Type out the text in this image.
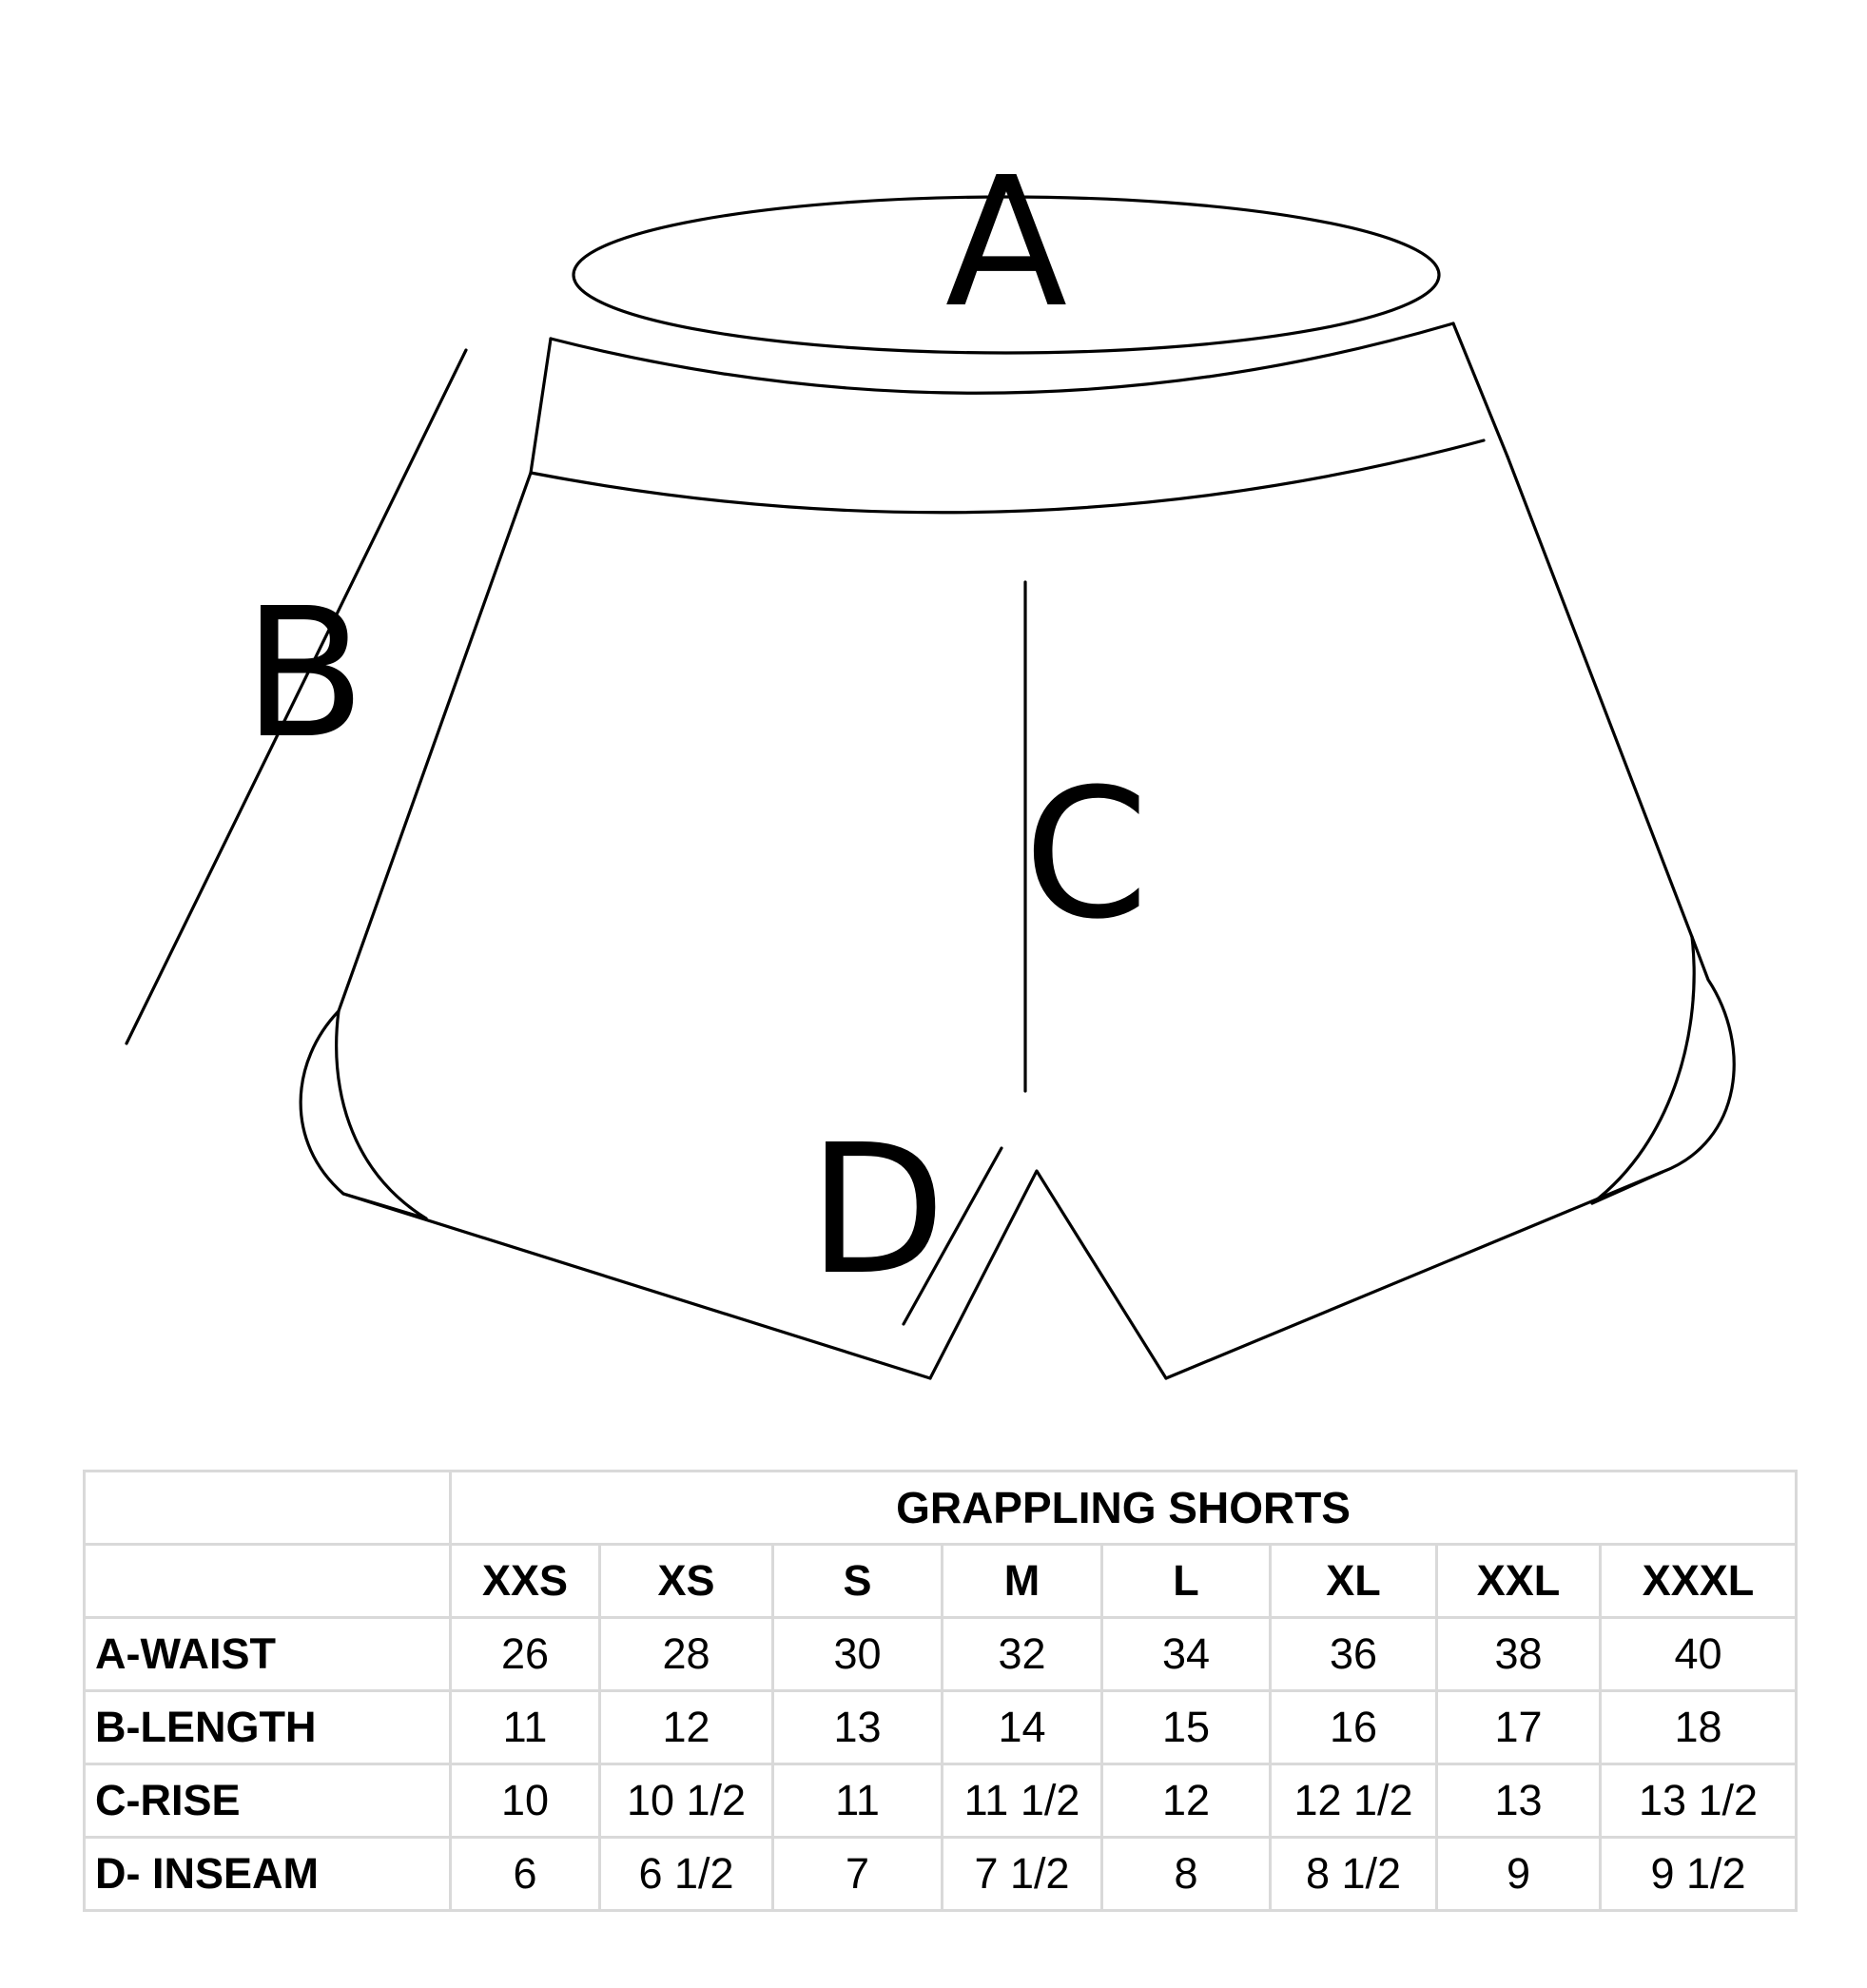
A
B
C
D
	GRAPPLING SHORTS							
	XXS	XS	S	M	L	XL	XXL	XXXL
A-WAIST	26	28	30	32	34	36	38	40
B-LENGTH	11	12	13	14	15	16	17	18
C-RISE	10	10 1/2	11	11 1/2	12	12 1/2	13	13 1/2
D- INSEAM	6	6 1/2	7	7 1/2	8	8 1/2	9	9 1/2
